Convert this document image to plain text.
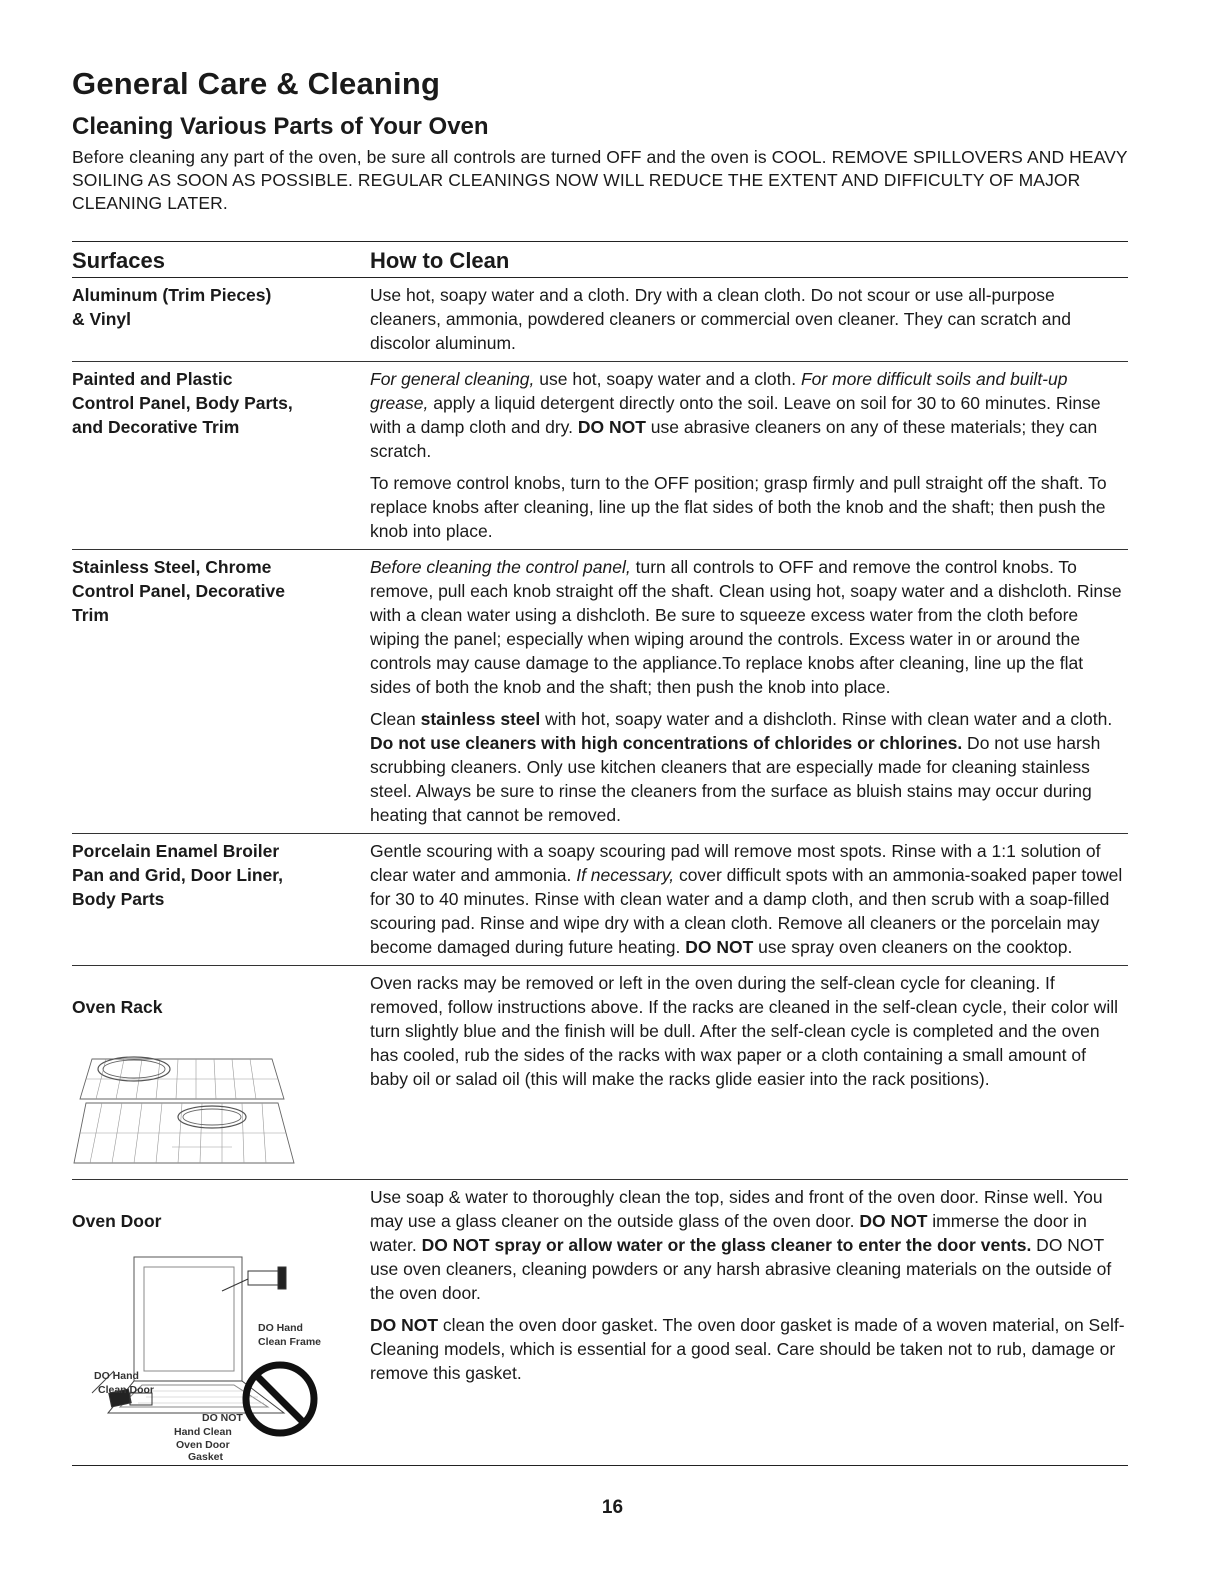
General Care & Cleaning
Cleaning Various Parts of Your Oven

Before cleaning any part of the oven, be sure all controls are turned OFF and the oven is COOL. REMOVE SPILLOVERS AND HEAVY SOILING AS SOON AS POSSIBLE. REGULAR CLEANINGS NOW WILL REDUCE THE EXTENT AND DIFFICULTY OF MAJOR CLEANING LATER.

Surfaces	How to Clean
Aluminum (Trim Pieces)
& Vinyl

Use hot, soapy water and a cloth. Dry with a clean cloth. Do not scour or use all-purpose cleaners, ammonia, powdered cleaners or commercial oven cleaner. They can scratch and discolor aluminum.

Painted and Plastic
Control Panel, Body Parts,
and Decorative Trim

For general cleaning, use hot, soapy water and a cloth. For more difficult soils and built-up grease, apply a liquid detergent directly onto the soil. Leave on soil for 30 to 60 minutes. Rinse with a damp cloth and dry. DO NOT use abrasive cleaners on any of these materials; they can scratch.

To remove control knobs, turn to the OFF position; grasp firmly and pull straight off the shaft. To replace knobs after cleaning, line up the flat sides of both the knob and the shaft; then push the knob into place.

Stainless Steel, Chrome
Control Panel, Decorative
Trim

Before cleaning the control panel, turn all controls to OFF and remove the control knobs. To remove, pull each knob straight off the shaft. Clean using hot, soapy water and a dishcloth. Rinse with a clean water using a dishcloth. Be sure to squeeze excess water from the cloth before wiping the panel; especially when wiping around the controls. Excess water in or around the controls may cause damage to the appliance.To replace knobs after cleaning, line up the flat sides of both the knob and the shaft; then push the knob into place.

Clean stainless steel with hot, soapy water and a dishcloth. Rinse with clean water and a cloth. Do not use cleaners with high concentrations of chlorides or chlorines. Do not use harsh scrubbing cleaners. Only use kitchen cleaners that are especially made for cleaning stainless steel. Always be sure to rinse the cleaners from the surface as bluish stains may occur during heating that cannot be removed.

Porcelain Enamel Broiler
Pan and Grid, Door Liner,
Body Parts

Gentle scouring with a soapy scouring pad will remove most spots. Rinse with a 1:1 solution of clear water and ammonia. If necessary, cover difficult spots with an ammonia-soaked paper towel for 30 to 40 minutes. Rinse with clean water and a damp cloth, and then scrub with a soap-filled scouring pad. Rinse and wipe dry with a clean cloth. Remove all cleaners or the porcelain may become damaged during future heating. DO NOT use spray oven cleaners on the cooktop.

Oven Rack

Oven racks may be removed or left in the oven during the self-clean cycle for cleaning. If removed, follow instructions above. If the racks are cleaned in the self-clean cycle, their color will turn slightly blue and the finish will be dull. After the self-clean cycle is completed and the oven has cooled, rub the sides of the racks with wax paper or a cloth containing a small amount of baby oil or salad oil (this will make the racks glide easier into the rack positions).

Oven Door

DO Hand
Clean Frame
DO Hand
Clean Door
DO NOT
Hand Clean
Oven Door
Gasket

Use soap & water to thoroughly clean the top, sides and front of the oven door. Rinse well. You may use a glass cleaner on the outside glass of the oven door. DO NOT immerse the door in water. DO NOT spray or allow water or the glass cleaner to enter the door vents. DO NOT use oven cleaners, cleaning powders or any harsh abrasive cleaning materials on the outside of the oven door.

DO NOT clean the oven door gasket. The oven door gasket is made of a woven material, on Self-Cleaning models, which is essential for a good seal. Care should be taken not to rub, damage or remove this gasket.

16
